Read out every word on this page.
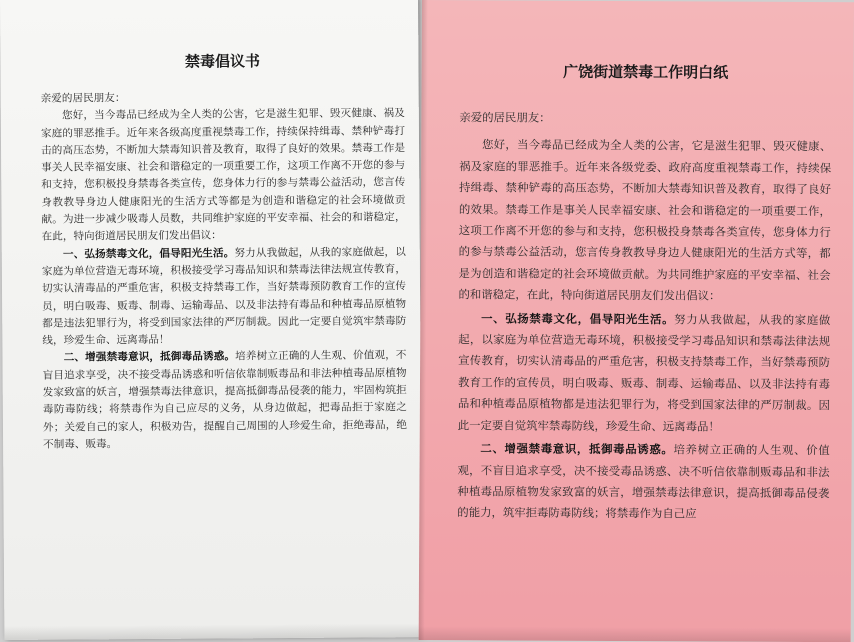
禁毒倡议书

亲爱的居民朋友：

您好，当今毒品已经成为全人类的公害，它是滋生犯罪、毁灭健康、祸及家庭的罪恶推手。近年来各级高度重视禁毒工作，持续保持缉毒、禁种铲毒打击的高压态势，不断加大禁毒知识普及教育，取得了良好的效果。禁毒工作是事关人民幸福安康、社会和谐稳定的一项重要工作，这项工作离不开您的参与和支持，您积极投身禁毒各类宣传，您身体力行的参与禁毒公益活动，您言传身教教导身边人健康阳光的生活方式等都是为创造和谐稳定的社会环境做贡献。为进一步减少吸毒人员数，共同维护家庭的平安幸福、社会的和谐稳定，在此，特向街道居民朋友们发出倡议：

一、弘扬禁毒文化，倡导阳光生活。努力从我做起，从我的家庭做起，以家庭为单位营造无毒环境，积极接受学习毒品知识和禁毒法律法规宣传教育，切实认清毒品的严重危害，积极支持禁毒工作，当好禁毒预防教育工作的宣传员，明白吸毒、贩毒、制毒、运输毒品、以及非法持有毒品和种植毒品原植物都是违法犯罪行为，将受到国家法律的严厉制裁。因此一定要自觉筑牢禁毒防线，珍爱生命、远离毒品！

二、增强禁毒意识，抵御毒品诱惑。培养树立正确的人生观、价值观，不盲目追求享受，决不接受毒品诱惑和听信依靠制贩毒品和非法种植毒品原植物发家致富的妖言，增强禁毒法律意识，提高抵御毒品侵袭的能力，牢固构筑拒毒防毒防线；将禁毒作为自己应尽的义务，从身边做起，把毒品拒于家庭之外；关爱自己的家人，积极劝告，提醒自己周围的人珍爱生命，拒绝毒品，绝不制毒、贩毒。

广饶街道禁毒工作明白纸

亲爱的居民朋友：

您好，当今毒品已经成为全人类的公害，它是滋生犯罪、毁灭健康、祸及家庭的罪恶推手。近年来各级党委、政府高度重视禁毒工作，持续保持缉毒、禁种铲毒的高压态势，不断加大禁毒知识普及教育，取得了良好的效果。禁毒工作是事关人民幸福安康、社会和谐稳定的一项重要工作，这项工作离不开您的参与和支持，您积极投身禁毒各类宣传，您身体力行的参与禁毒公益活动，您言传身教教导身边人健康阳光的生活方式等，都是为创造和谐稳定的社会环境做贡献。为共同维护家庭的平安幸福、社会的和谐稳定，在此，特向街道居民朋友们发出倡议：

一、弘扬禁毒文化，倡导阳光生活。努力从我做起，从我的家庭做起，以家庭为单位营造无毒环境，积极接受学习毒品知识和禁毒法律法规宣传教育，切实认清毒品的严重危害，积极支持禁毒工作，当好禁毒预防教育工作的宣传员，明白吸毒、贩毒、制毒、运输毒品、以及非法持有毒品和种植毒品原植物都是违法犯罪行为，将受到国家法律的严厉制裁。因此一定要自觉筑牢禁毒防线，珍爱生命、远离毒品！

二、增强禁毒意识，抵御毒品诱惑。培养树立正确的人生观、价值观，不盲目追求享受，决不接受毒品诱惑、决不听信依靠制贩毒品和非法种植毒品原植物发家致富的妖言，增强禁毒法律意识，提高抵御毒品侵袭的能力，筑牢拒毒防毒防线；将禁毒作为自己应
